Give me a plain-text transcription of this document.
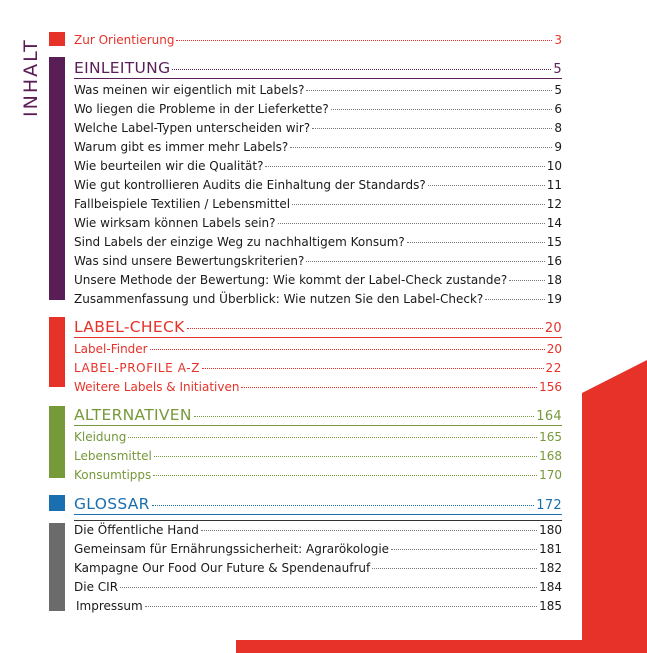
INHALT	Zur Orientierung	3
EINLEITUNG	5
Was meinen wir eigentlich mit Labels?	5
Wo liegen die Probleme in der Lieferkette?	6
Welche Label-Typen unterscheiden wir?	8
Warum gibt es immer mehr Labels?	9
Wie beurteilen wir die Qualität?	10
Wie gut kontrollieren Audits die Einhaltung der Standards?	11
Fallbeispiele Textilien / Lebensmittel	12
Wie wirksam können Labels sein?	14
Sind Labels der einzige Weg zu nachhaltigem Konsum?	15
Was sind unsere Bewertungskriterien?	16
Unsere Methode der Bewertung: Wie kommt der Label-Check zustande?	18
Zusammenfassung und Überblick: Wie nutzen Sie den Label-Check?	19
LABEL-CHECK	20
Label-Finder	20
LABEL-PROFILE A-Z	22
Weitere Labels & Initiativen	156
ALTERNATIVEN	164
Kleidung	165
Lebensmittel	168
Konsumtipps	170
GLOSSAR	172
Die Öffentliche Hand	180
Gemeinsam für Ernährungssicherheit: Agrarökologie	181
Kampagne Our Food Our Future & Spendenaufruf	182
Die CIR	184
Impressum	185
